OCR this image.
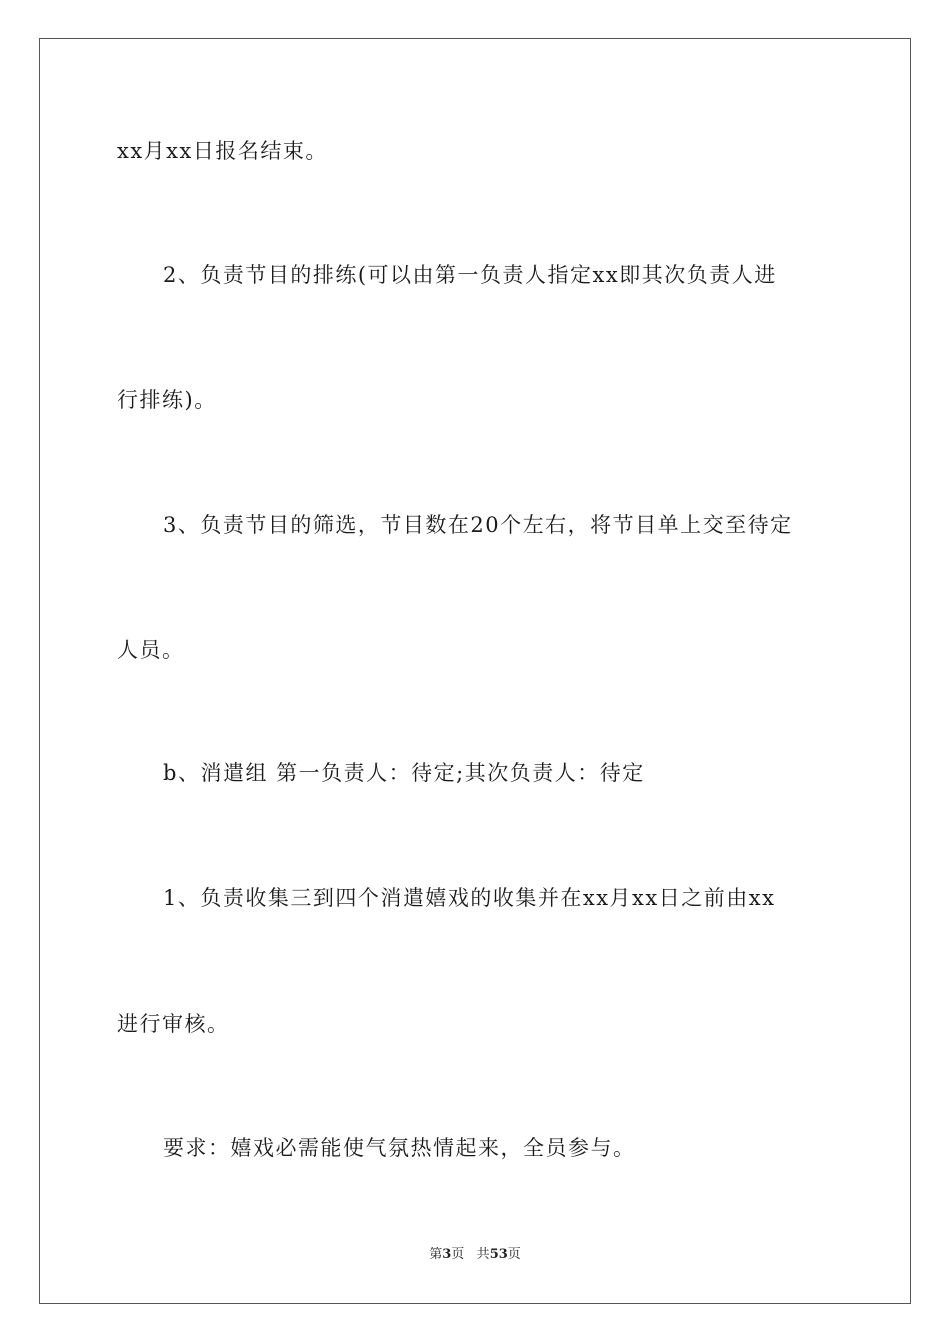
xx月xx日报名结束。
2、负责节目的排练(可以由第一负责人指定xx即其次负责人进
行排练)。
3、负责节目的筛选，节目数在20个左右，将节目单上交至待定
人员。
b、消遣组 第一负责人：待定;其次负责人：待定
1、负责收集三到四个消遣嬉戏的收集并在xx月xx日之前由xx
进行审核。
要求：嬉戏必需能使气氛热情起来，全员参与。
第3页 共53页
